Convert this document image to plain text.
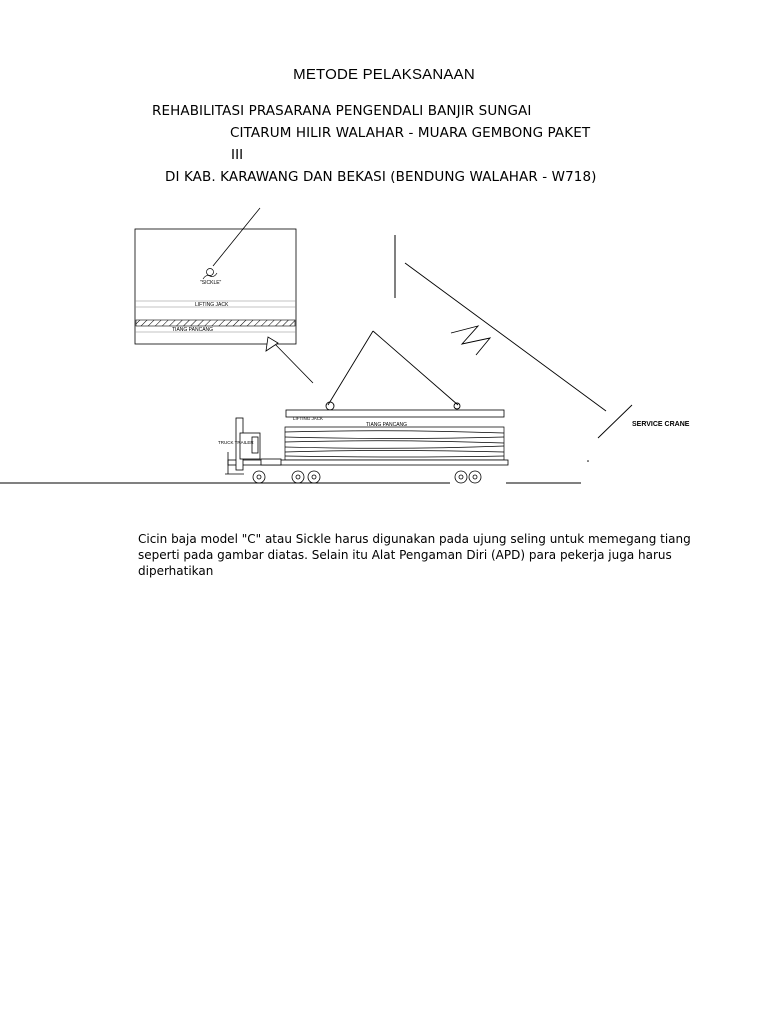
METODE PELAKSANAAN
REHABILITASI PRASARANA PENGENDALI BANJIR SUNGAI
CITARUM HILIR WALAHAR - MUARA GEMBONG PAKET
III
DI KAB. KARAWANG DAN BEKASI (BENDUNG WALAHAR - W718)
"SICKLE"
LIFTING JACK
TIANG PANCANG
SERVICE CRANE
LIFTING JACK
TIANG PANCANG
TRUCK TRAILER

Cicin baja model "C" atau Sickle harus digunakan pada ujung seling untuk memegang tiang

seperti pada gambar diatas. Selain itu Alat Pengaman Diri (APD) para pekerja juga harus

diperhatikan
